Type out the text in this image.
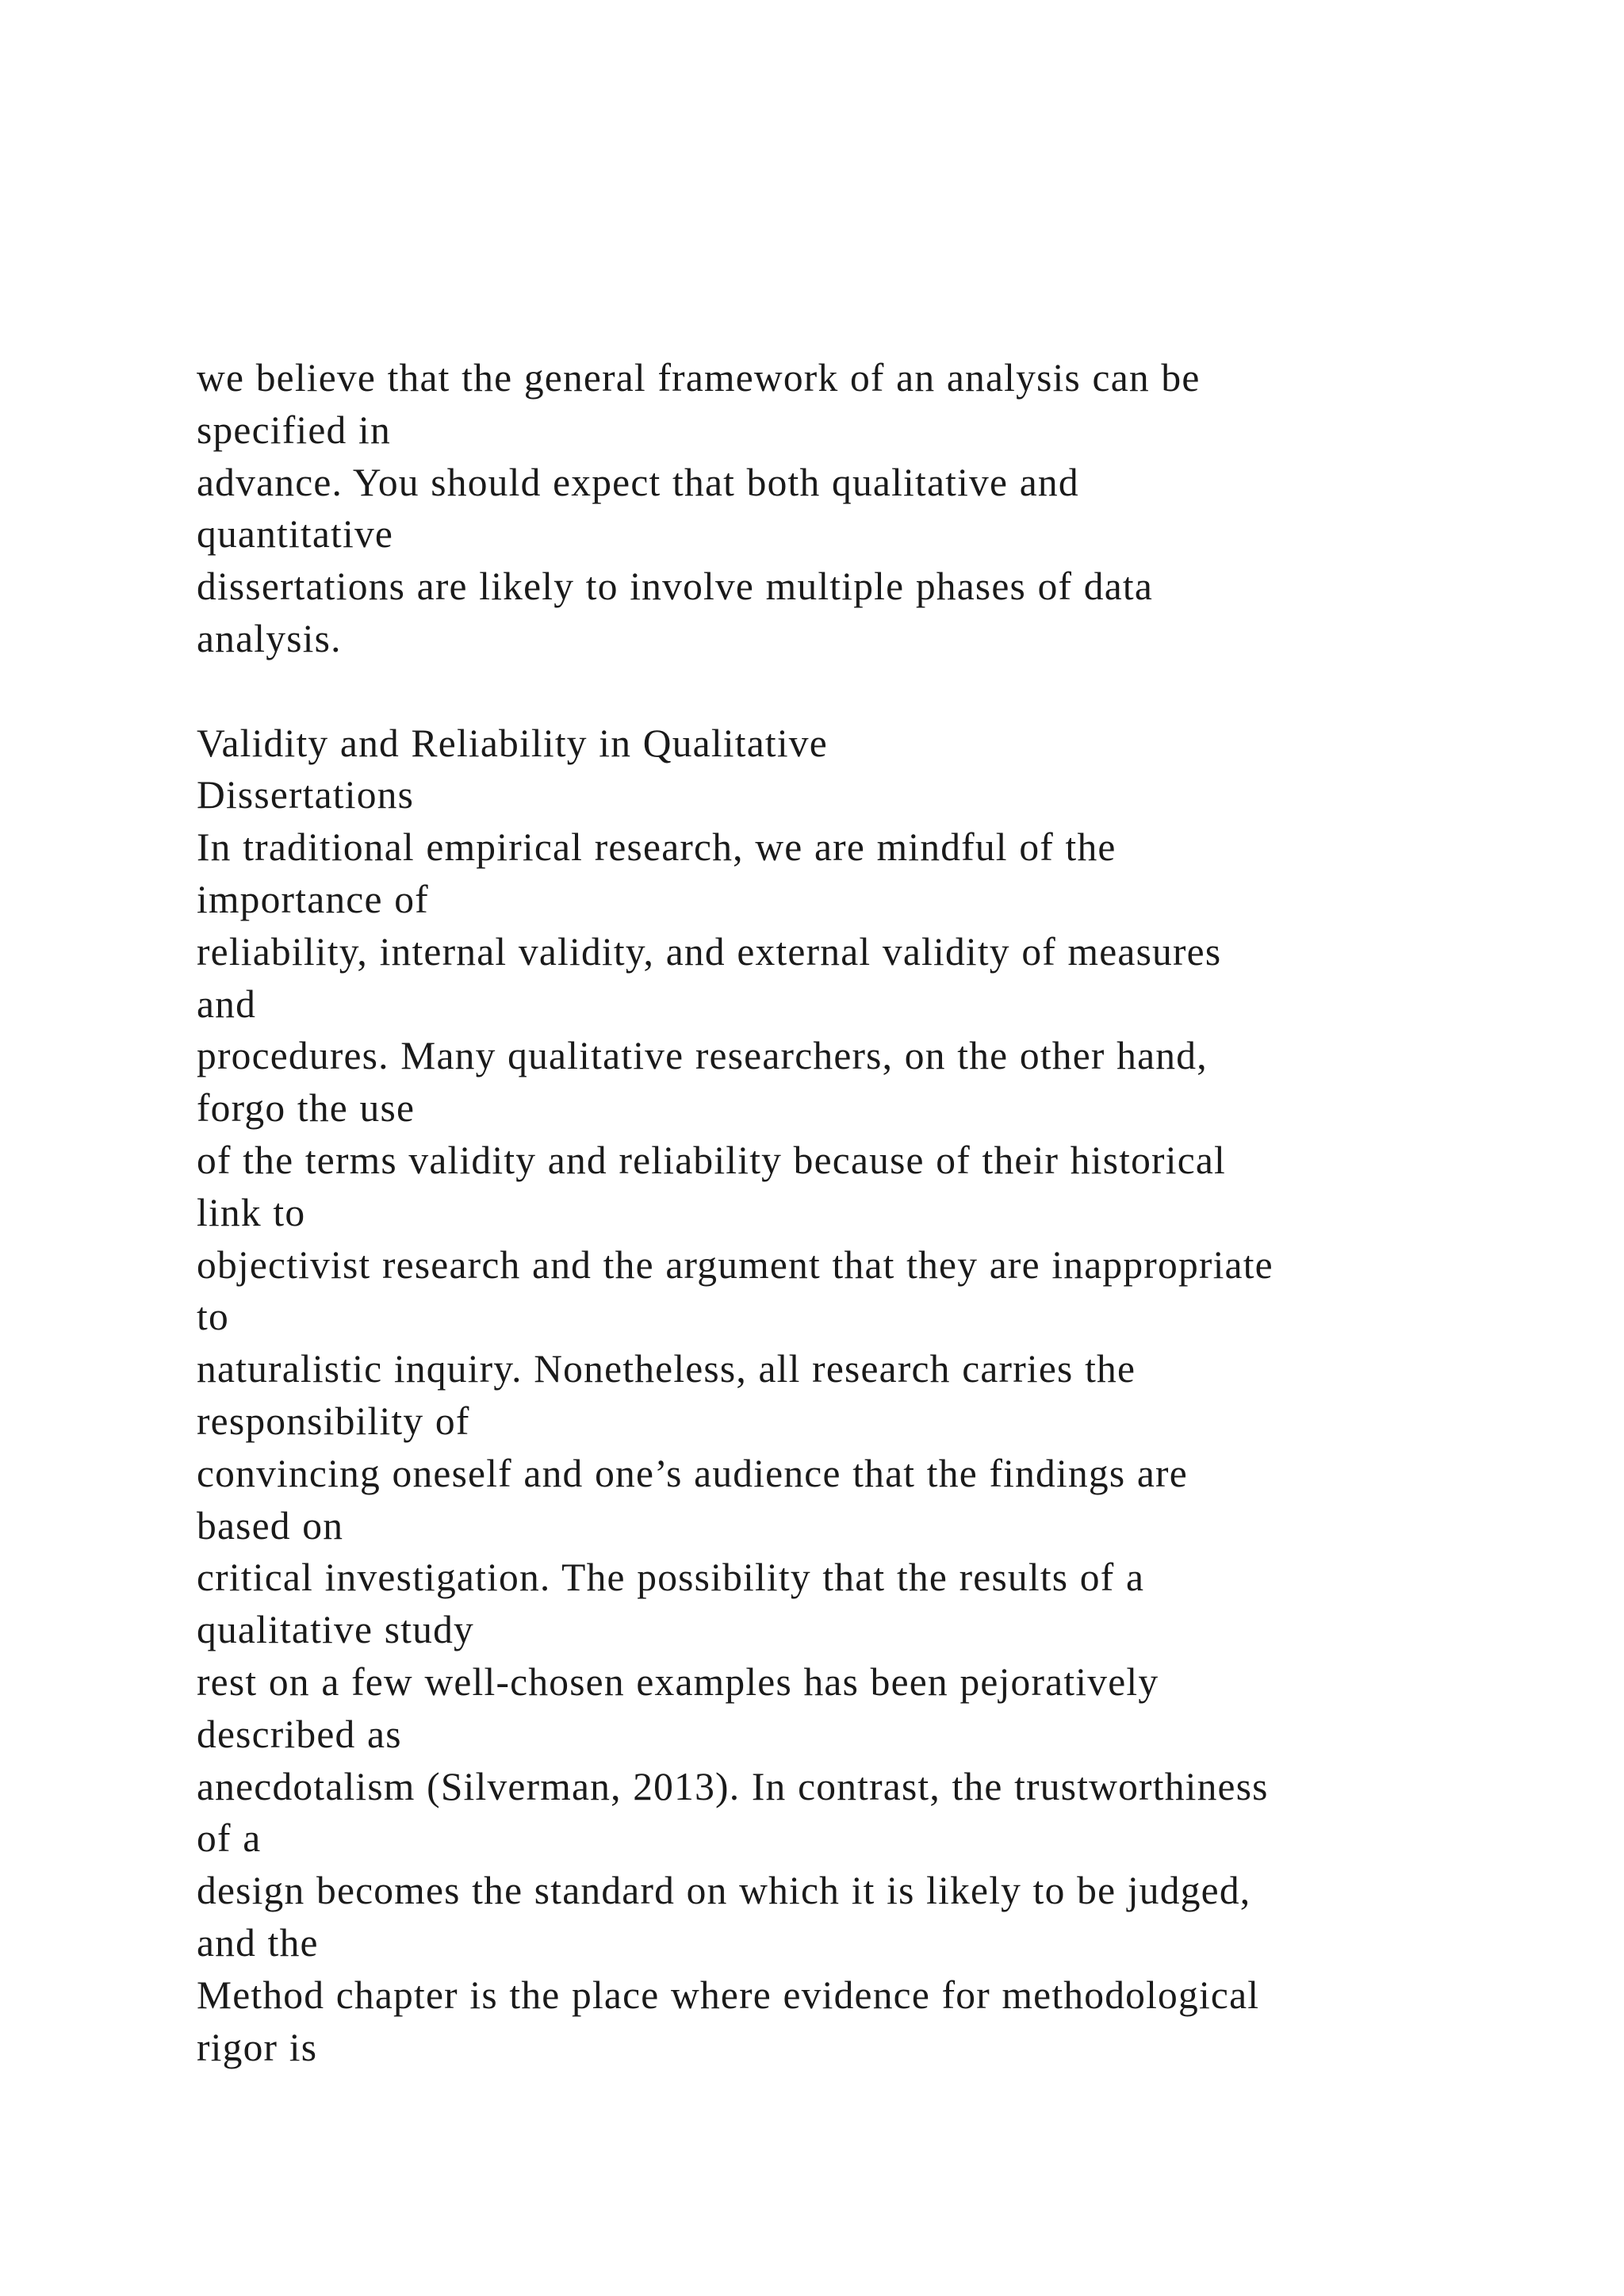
we believe that the general framework of an analysis can be
specified in
advance. You should expect that both qualitative and
quantitative
dissertations are likely to involve multiple phases of data
analysis.
Validity and Reliability in Qualitative
Dissertations
In traditional empirical research, we are mindful of the
importance of
reliability, internal validity, and external validity of measures
and
procedures. Many qualitative researchers, on the other hand,
forgo the use
of the terms validity and reliability because of their historical
link to
objectivist research and the argument that they are inappropriate
to
naturalistic inquiry. Nonetheless, all research carries the
responsibility of
convincing oneself and one’s audience that the findings are
based on
critical investigation. The possibility that the results of a
qualitative study
rest on a few well-chosen examples has been pejoratively
described as
anecdotalism (Silverman, 2013). In contrast, the trustworthiness
of a
design becomes the standard on which it is likely to be judged,
and the
Method chapter is the place where evidence for methodological
rigor is
